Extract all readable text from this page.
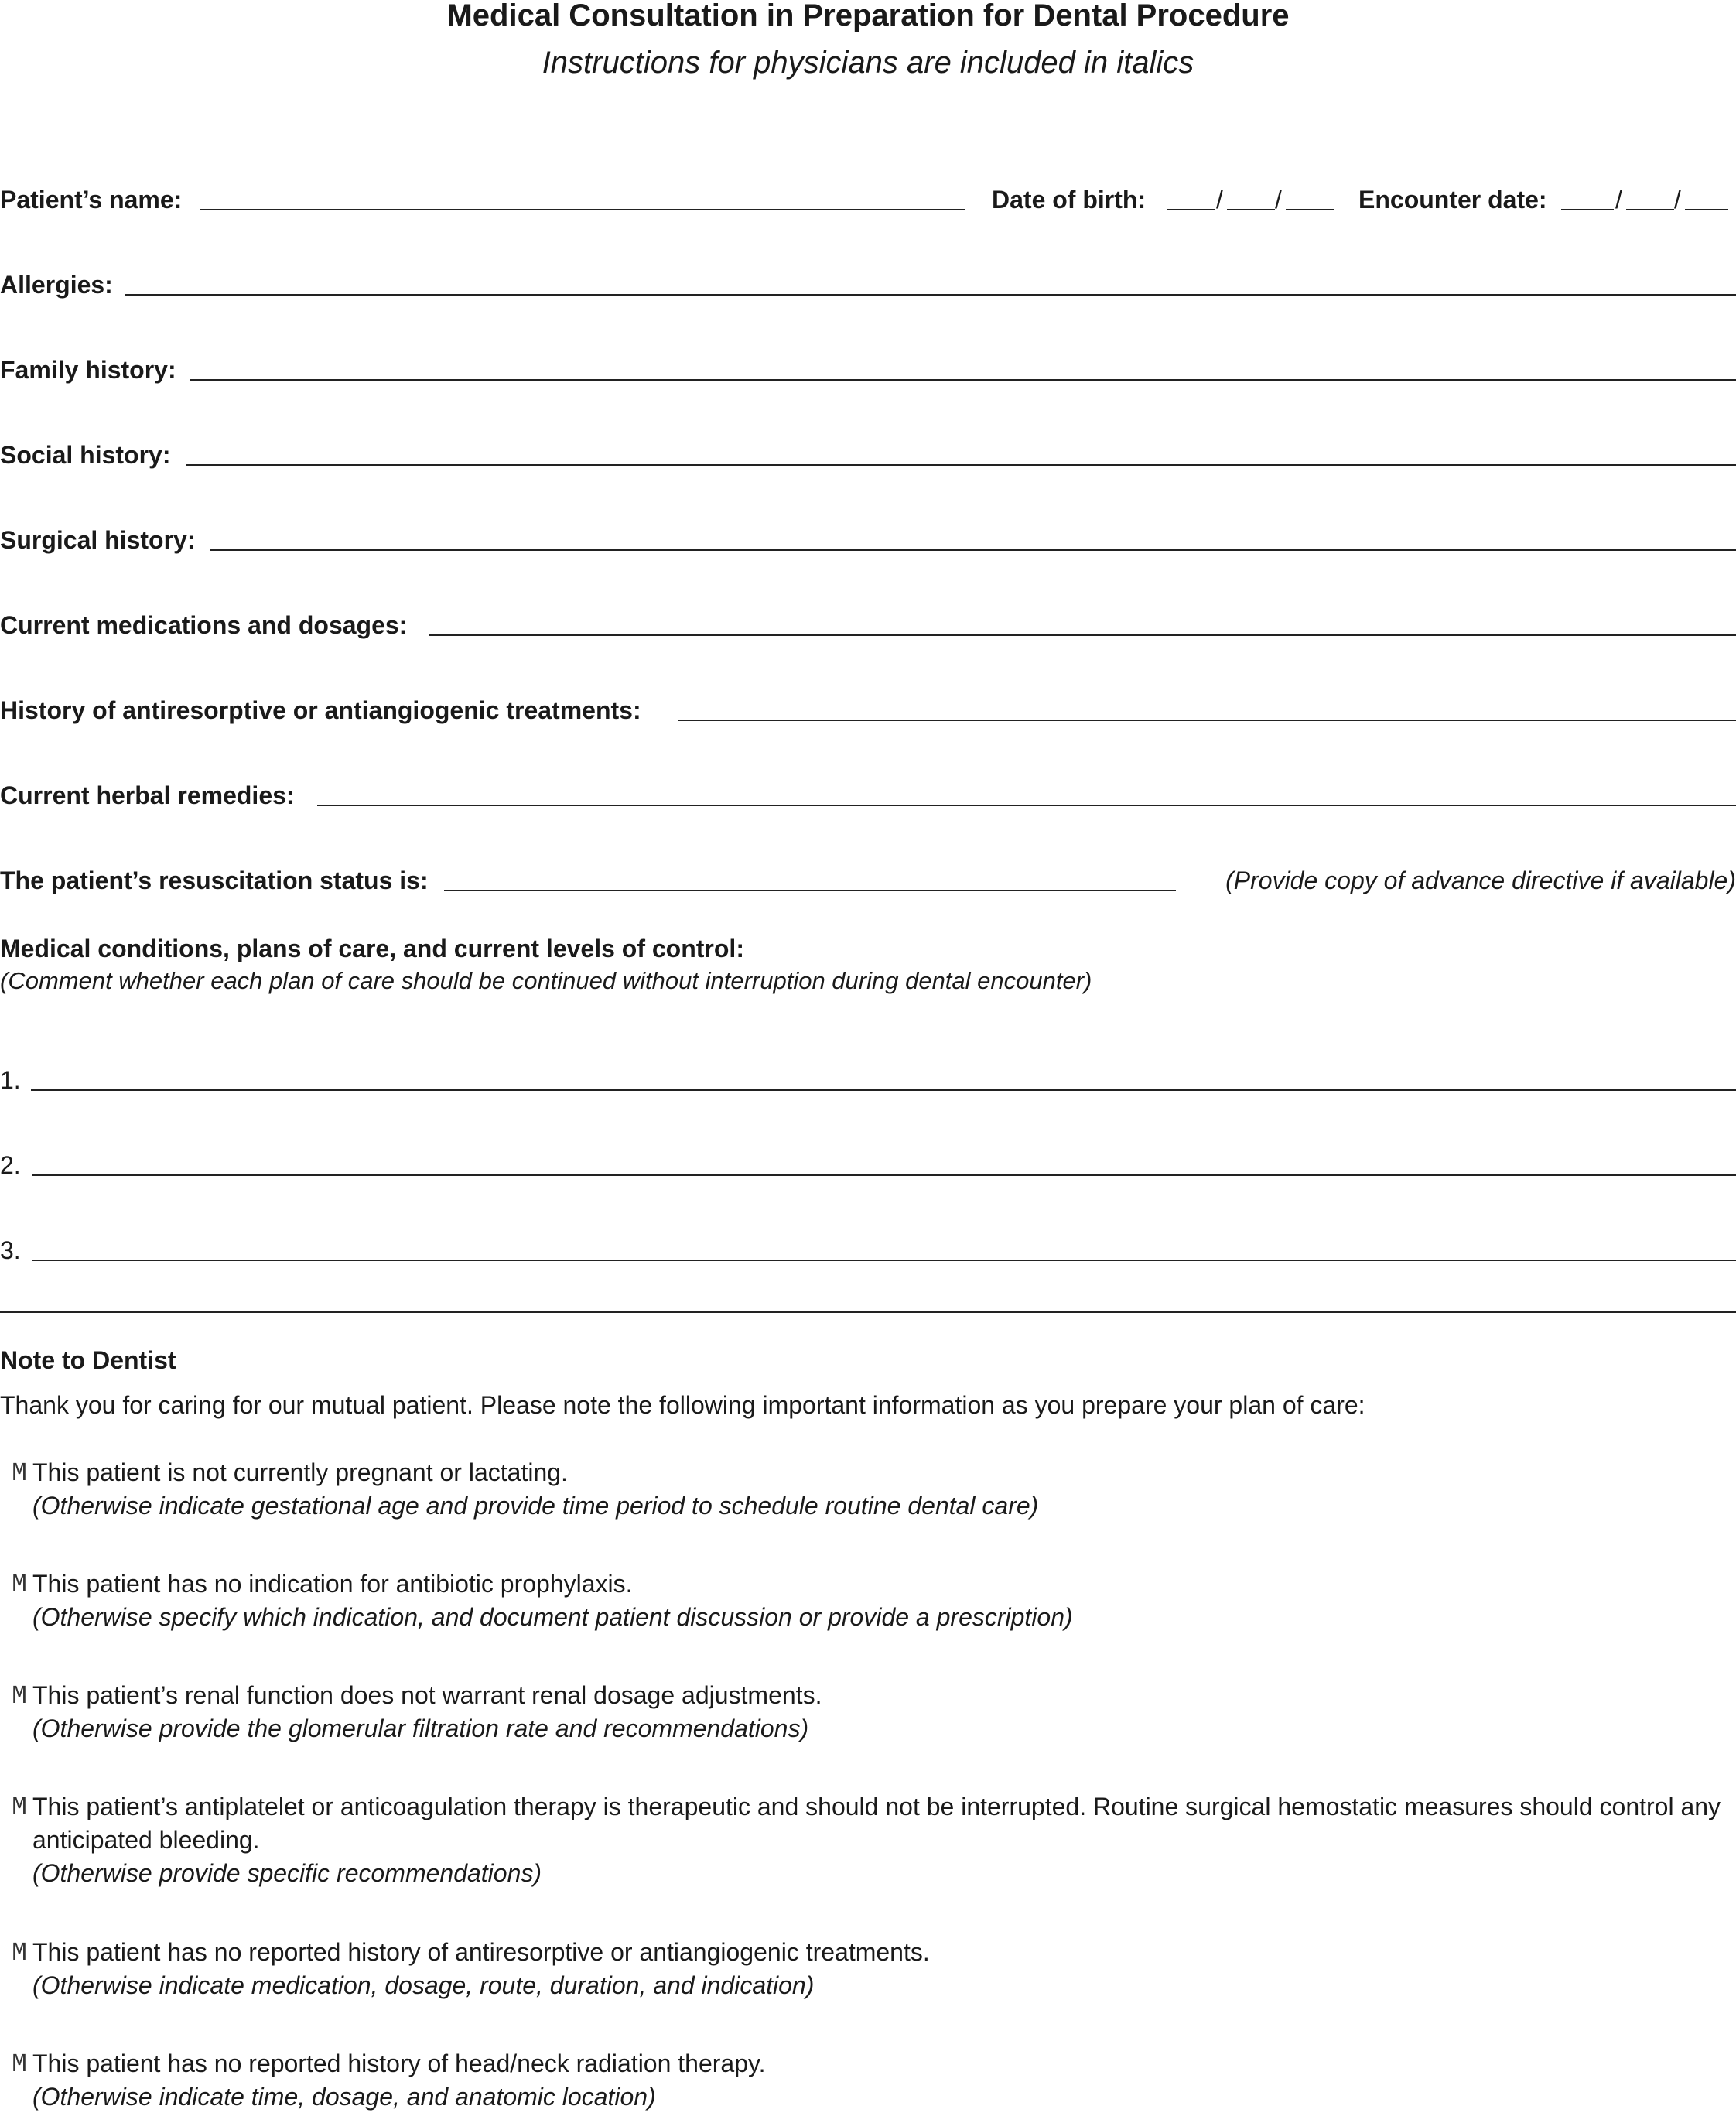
Medical Consultation in Preparation for Dental Procedure
Instructions for physicians are included in italics
Patient’s name:	Date of birth:	/ /	Encounter date:	/ /
Allergies:
Family history:
Social history:
Surgical history:
Current medications and dosages:
History of antiresorptive or antiangiogenic treatments:
Current herbal remedies:
The patient’s resuscitation status is:	(Provide copy of advance directive if available)
Medical conditions, plans of care, and current levels of control:
(Comment whether each plan of care should be continued without interruption during dental encounter)
1.
2.
3.
Note to Dentist
Thank you for caring for our mutual patient. Please note the following important information as you prepare your plan of care:
M This patient is not currently pregnant or lactating.
(Otherwise indicate gestational age and provide time period to schedule routine dental care)
M This patient has no indication for antibiotic prophylaxis.
(Otherwise specify which indication, and document patient discussion or provide a prescription)
M This patient’s renal function does not warrant renal dosage adjustments.
(Otherwise provide the glomerular filtration rate and recommendations)
M This patient’s antiplatelet or anticoagulation therapy is therapeutic and should not be interrupted. Routine surgical hemostatic measures should control any anticipated bleeding.
(Otherwise provide specific recommendations)
M This patient has no reported history of antiresorptive or antiangiogenic treatments.
(Otherwise indicate medication, dosage, route, duration, and indication)
M This patient has no reported history of head/neck radiation therapy.
(Otherwise indicate time, dosage, and anatomic location)
